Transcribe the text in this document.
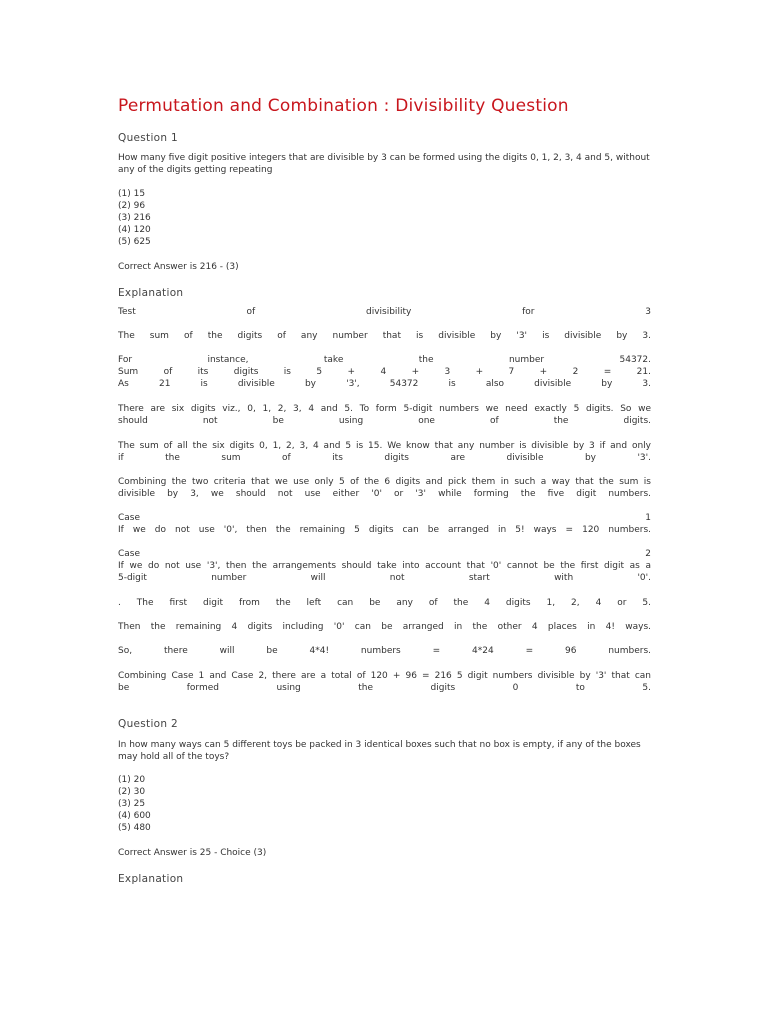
Permutation and Combination : Divisibility Question
Question 1
How many five digit positive integers that are divisible by 3 can be formed using the digits 0, 1, 2, 3, 4 and 5, without any of the digits getting repeating
(1) 15
(2) 96
(3) 216
(4) 120
(5) 625
Correct Answer is 216 - (3)
Explanation
Test of divisibility for 3
The sum of the digits of any number that is divisible by '3' is divisible by 3.
For instance, take the number 54372.
Sum of its digits is 5 + 4 + 3 + 7 + 2 = 21.
As 21 is divisible by '3', 54372 is also divisible by 3.
There are six digits viz., 0, 1, 2, 3, 4 and 5. To form 5-digit numbers we need exactly 5 digits. So we
should not be using one of the digits.
The sum of all the six digits 0, 1, 2, 3, 4 and 5 is 15. We know that any number is divisible by 3 if and only
if the sum of its digits are divisible by '3'.
Combining the two criteria that we use only 5 of the 6 digits and pick them in such a way that the sum is
divisible by 3, we should not use either '0' or '3' while forming the five digit numbers.
Case 1
If we do not use '0', then the remaining 5 digits can be arranged in 5! ways = 120 numbers.
Case 2
If we do not use '3', then the arrangements should take into account that '0' cannot be the first digit as a
5-digit number will not start with '0'.
. The first digit from the left can be any of the 4 digits 1, 2, 4 or 5.
Then the remaining 4 digits including '0' can be arranged in the other 4 places in 4! ways.
So, there will be 4*4! numbers = 4*24 = 96 numbers.
Combining Case 1 and Case 2, there are a total of 120 + 96 = 216 5 digit numbers divisible by '3' that can
be formed using the digits 0 to 5.
Question 2
In how many ways can 5 different toys be packed in 3 identical boxes such that no box is empty, if any of the boxes may hold all of the toys?
(1) 20
(2) 30
(3) 25
(4) 600
(5) 480
Correct Answer is 25 - Choice (3)
Explanation
